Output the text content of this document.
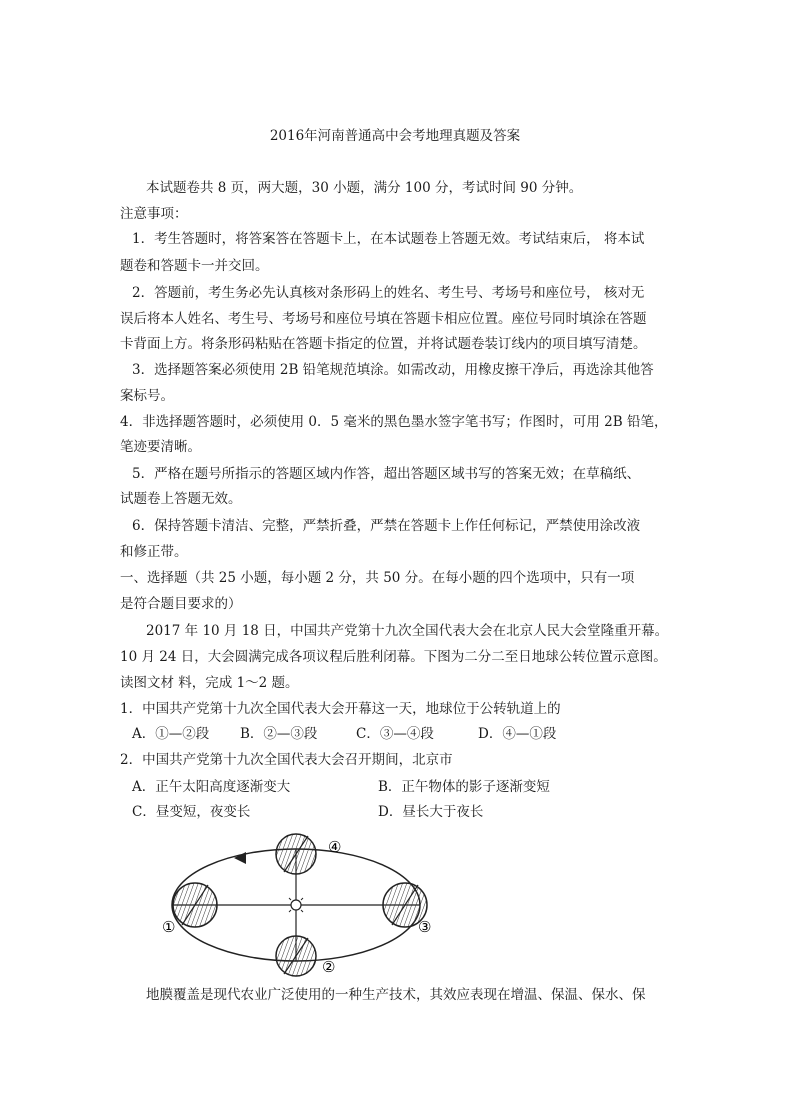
2016年河南普通高中会考地理真题及答案
本试题卷共 8 页，两大题，30 小题，满分 100 分，考试时间 90 分钟。
注意事项：
1．考生答题时，将答案答在答题卡上，在本试题卷上答题无效。考试结束后， 将本试
题卷和答题卡一并交回。
2．答题前，考生务必先认真核对条形码上的姓名、考生号、考场号和座位号， 核对无
误后将本人姓名、考生号、考场号和座位号填在答题卡相应位置。座位号同时填涂在答题
卡背面上方。将条形码粘贴在答题卡指定的位置，并将试题卷装订线内的项目填写清楚。
3．选择题答案必须使用 2B 铅笔规范填涂。如需改动，用橡皮擦干净后，再选涂其他答
案标号。
4．非选择题答题时，必须使用 0．5 毫米的黑色墨水签字笔书写；作图时，可用 2B 铅笔，
笔迹要清晰。
5．严格在题号所指示的答题区域内作答，超出答题区域书写的答案无效；在草稿纸、
试题卷上答题无效。
6．保持答题卡清洁、完整，严禁折叠，严禁在答题卡上作任何标记，严禁使用涂改液
和修正带。
一、选择题（共 25 小题，每小题 2 分，共 50 分。在每小题的四个选项中，只有一项
是符合题目要求的）
2017 年 10 月 18 日，中国共产党第十九次全国代表大会在北京人民大会堂隆重开幕。
10 月 24 日，大会圆满完成各项议程后胜利闭幕。下图为二分二至日地球公转位置示意图。
读图文材 料，完成 1～2 题。
1．中国共产党第十九次全国代表大会开幕这一天，地球位于公转轨道上的
A．①—②段 B．②—③段	C．③—④段	D．④—①段
2．中国共产党第十九次全国代表大会召开期间，北京市
A．正午太阳高度逐渐变大	B．正午物体的影子逐渐变短
C．昼变短，夜变长	D．昼长大于夜长
①
②
③
④
地膜覆盖是现代农业广泛使用的一种生产技术，其效应表现在增温、保温、保水、保
